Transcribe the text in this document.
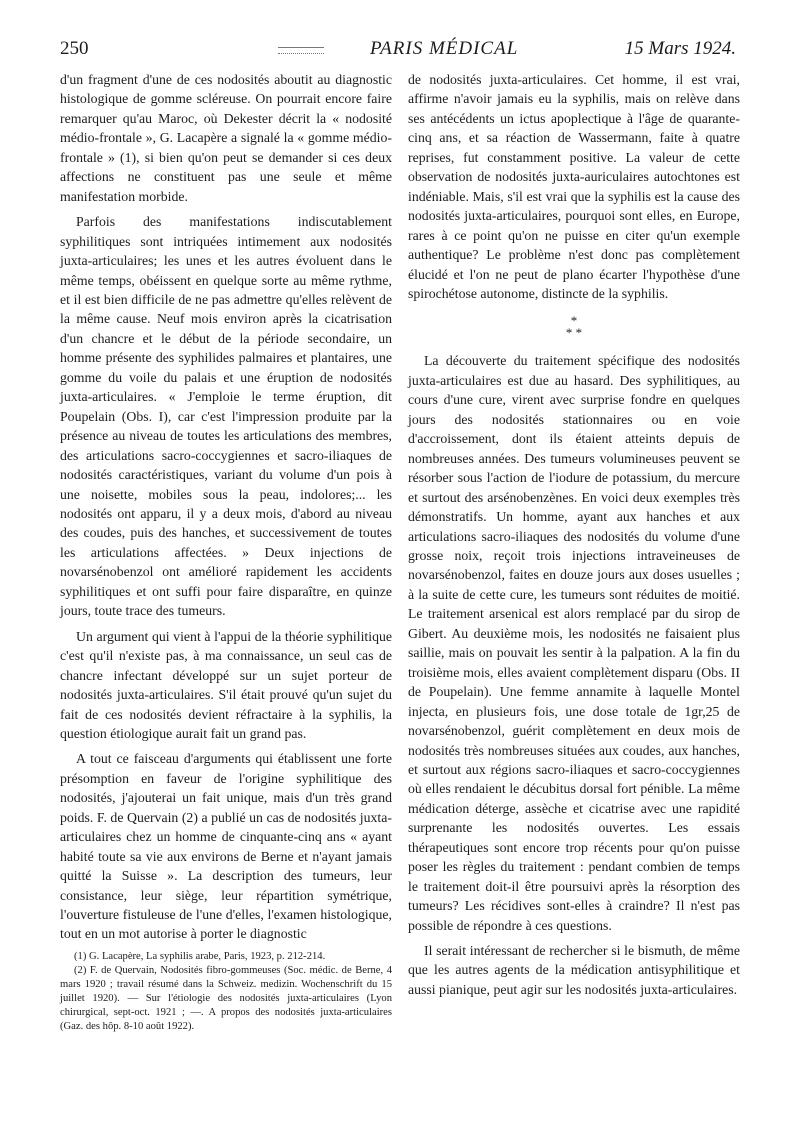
250	PARIS MÉDICAL	15 Mars 1924.

d'un fragment d'une de ces nodosités aboutit au diagnostic histologique de gomme scléreuse. On pourrait encore faire remarquer qu'au Maroc, où Dekester décrit la « nodosité médio-frontale », G. Lacapère a signalé la « gomme médio-frontale » (1), si bien qu'on peut se demander si ces deux affections ne constituent pas une seule et même manifestation morbide.

Parfois des manifestations indiscutablement syphilitiques sont intriquées intimement aux nodosités juxta-articulaires; les unes et les autres évoluent dans le même temps, obéissent en quelque sorte au même rythme, et il est bien difficile de ne pas admettre qu'elles relèvent de la même cause. Neuf mois environ après la cicatrisation d'un chancre et le début de la période secondaire, un homme présente des syphilides palmaires et plantaires, une gomme du voile du palais et une éruption de nodosités juxta-articulaires. « J'emploie le terme éruption, dit Poupelain (Obs. I), car c'est l'impression produite par la présence au niveau de toutes les articulations des membres, des articulations sacro-coccygiennes et sacro-iliaques de nodosités caractéristiques, variant du volume d'un pois à une noisette, mobiles sous la peau, indolores;... les nodosités ont apparu, il y a deux mois, d'abord au niveau des coudes, puis des hanches, et successivement de toutes les articulations affectées. » Deux injections de novarsénobenzol ont amélioré rapidement les accidents syphilitiques et ont suffi pour faire disparaître, en quinze jours, toute trace des tumeurs.

Un argument qui vient à l'appui de la théorie syphilitique c'est qu'il n'existe pas, à ma connaissance, un seul cas de chancre infectant développé sur un sujet porteur de nodosités juxta-articulaires. S'il était prouvé qu'un sujet du fait de ces nodosités devient réfractaire à la syphilis, la question étiologique aurait fait un grand pas.

A tout ce faisceau d'arguments qui établissent une forte présomption en faveur de l'origine syphilitique des nodosités, j'ajouterai un fait unique, mais d'un très grand poids. F. de Quervain (2) a publié un cas de nodosités juxta-articulaires chez un homme de cinquante-cinq ans « ayant habité toute sa vie aux environs de Berne et n'ayant jamais quitté la Suisse ». La description des tumeurs, leur consistance, leur siège, leur répartition symétrique, l'ouverture fistuleuse de l'une d'elles, l'examen histologique, tout en un mot autorise à porter le diagnostic

(1) G. Lacapère, La syphilis arabe, Paris, 1923, p. 212-214.

(2) F. de Quervain, Nodosités fibro-gommeuses (Soc. médic. de Berne, 4 mars 1920 ; travail résumé dans la Schweiz. medizin. Wochenschrift du 15 juillet 1920). — Sur l'étiologie des nodosités juxta-articulaires (Lyon chirurgical, sept-oct. 1921 ; —. A propos des nodosités juxta-articulaires (Gaz. des hôp. 8-10 août 1922).

de nodosités juxta-articulaires. Cet homme, il est vrai, affirme n'avoir jamais eu la syphilis, mais on relève dans ses antécédents un ictus apoplectique à l'âge de quarante-cinq ans, et sa réaction de Wassermann, faite à quatre reprises, fut constamment positive. La valeur de cette observation de nodosités juxta-auriculaires autochtones est indéniable. Mais, s'il est vrai que la syphilis est la cause des nodosités juxta-articulaires, pourquoi sont elles, en Europe, rares à ce point qu'on ne puisse en citer qu'un exemple authentique? Le problème n'est donc pas complètement élucidé et l'on ne peut de plano écarter l'hypothèse d'une spirochétose autonome, distincte de la syphilis.

*
* *

La découverte du traitement spécifique des nodosités juxta-articulaires est due au hasard. Des syphilitiques, au cours d'une cure, virent avec surprise fondre en quelques jours des nodosités stationnaires ou en voie d'accroissement, dont ils étaient atteints depuis de nombreuses années. Des tumeurs volumineuses peuvent se résorber sous l'action de l'iodure de potassium, du mercure et surtout des arsénobenzènes. En voici deux exemples très démonstratifs. Un homme, ayant aux hanches et aux articulations sacro-iliaques des nodosités du volume d'une grosse noix, reçoit trois injections intraveineuses de novarsénobenzol, faites en douze jours aux doses usuelles ; à la suite de cette cure, les tumeurs sont réduites de moitié. Le traitement arsenical est alors remplacé par du sirop de Gibert. Au deuxième mois, les nodosités ne faisaient plus saillie, mais on pouvait les sentir à la palpation. A la fin du troisième mois, elles avaient complètement disparu (Obs. II de Poupelain). Une femme annamite à laquelle Montel injecta, en plusieurs fois, une dose totale de 1gr,25 de novarsénobenzol, guérit complètement en deux mois de nodosités très nombreuses situées aux coudes, aux hanches, et surtout aux régions sacro-iliaques et sacro-coccygiennes où elles rendaient le décubitus dorsal fort pénible. La même médication déterge, assèche et cicatrise avec une rapidité surprenante les nodosités ouvertes. Les essais thérapeutiques sont encore trop récents pour qu'on puisse poser les règles du traitement : pendant combien de temps le traitement doit-il être poursuivi après la résorption des tumeurs? Les récidives sont-elles à craindre? Il n'est pas possible de répondre à ces questions.

Il serait intéressant de rechercher si le bismuth, de même que les autres agents de la médication antisyphilitique et aussi pianique, peut agir sur les nodosités juxta-articulaires.
